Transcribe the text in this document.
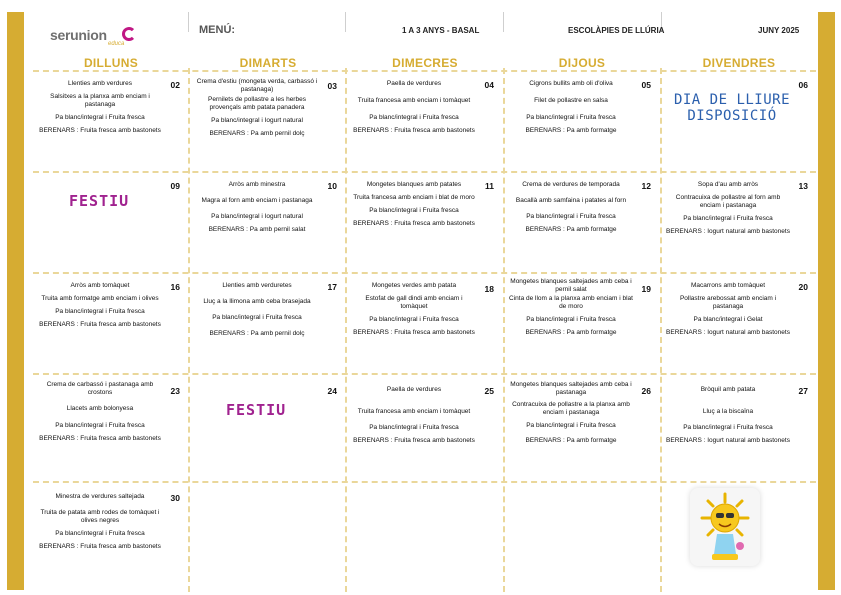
serunion
educa
MENÚ:	1 A 3 ANYS - BASAL	ESCOLÀPIES DE LLÚRIA	JUNY 2025
DILLUNS	DIMARTS	DIMECRES	DIJOUS	DIVENDRES
02

Llenties amb verdures

Salsitxes a la planxa amb enciam i pastanaga

Pa blanc/integral i Fruita fresca

BERENARS : Fruita fresca amb bastonets

03

Crema d'estiu (mongeta verda, carbassó i pastanaga)

Pernilets de pollastre a les herbes provençals amb patata panadera

Pa blanc/integral i Iogurt natural

BERENARS : Pa amb pernil dolç

04

Paella de verdures

Truita francesa amb enciam i tomàquet

Pa blanc/integral i Fruita fresca

BERENARS : Fruita fresca amb bastonets

05

Cigrons bullits amb oli d'oliva

Filet de pollastre en salsa

Pa blanc/integral i Fruita fresca

BERENARS : Pa amb formatge

06
DIA DE LLIURE DISPOSICIÓ
09
FESTIU
10

Arròs amb minestra

Magra al forn amb enciam i pastanaga

Pa blanc/integral i Iogurt natural

BERENARS : Pa amb pernil salat

11

Mongetes blanques amb patates

Truita francesa amb enciam i blat de moro

Pa blanc/integral i Fruita fresca

BERENARS : Fruita fresca amb bastonets

12

Crema de verdures de temporada

Bacallà amb samfaina i patates al forn

Pa blanc/integral i Fruita fresca

BERENARS : Pa amb formatge

13

Sopa d'au amb arròs

Contracuixa de pollastre al forn amb enciam i pastanaga

Pa blanc/integral i Fruita fresca

BERENARS : Iogurt natural amb bastonets

16

Arròs amb tomàquet

Truita amb formatge amb enciam i olives

Pa blanc/integral i Fruita fresca

BERENARS : Fruita fresca amb bastonets

17

Llenties amb verduretes

Lluç a la llimona amb ceba brasejada

Pa blanc/integral i Fruita fresca

BERENARS : Pa amb pernil dolç

18

Mongetes verdes amb patata

Estofat de gall dindi amb enciam i tomàquet

Pa blanc/integral i Fruita fresca

BERENARS : Fruita fresca amb bastonets

19

Mongetes blanques saltejades amb ceba i pernil salat

Cinta de llom a la planxa amb enciam i blat de moro

Pa blanc/integral i Fruita fresca

BERENARS : Pa amb formatge

20

Macarrons amb tomàquet

Pollastre arebossat amb enciam i pastanaga

Pa blanc/integral i Gelat

BERENARS : Iogurt natural amb bastonets

23

Crema de carbassó i pastanaga amb crostons

Llacets amb bolonyesa

Pa blanc/integral i Fruita fresca

BERENARS : Fruita fresca amb bastonets

24
FESTIU
25

Paella de verdures

Truita francesa amb enciam i tomàquet

Pa blanc/integral i Fruita fresca

BERENARS : Fruita fresca amb bastonets

26

Mongetes blanques saltejades amb ceba i pastanaga

Contracuixa de pollastre a la planxa amb enciam i pastanaga

Pa blanc/integral i Fruita fresca

BERENARS : Pa amb formatge

27

Bròquil amb patata

Lluç a la biscaïna

Pa blanc/integral i Fruita fresca

BERENARS : Iogurt natural amb bastonets

30

Minestra de verdures saltejada

Truita de patata amb rodes de tomàquet i olives negres

Pa blanc/integral i Fruita fresca

BERENARS : Fruita fresca amb bastonets
